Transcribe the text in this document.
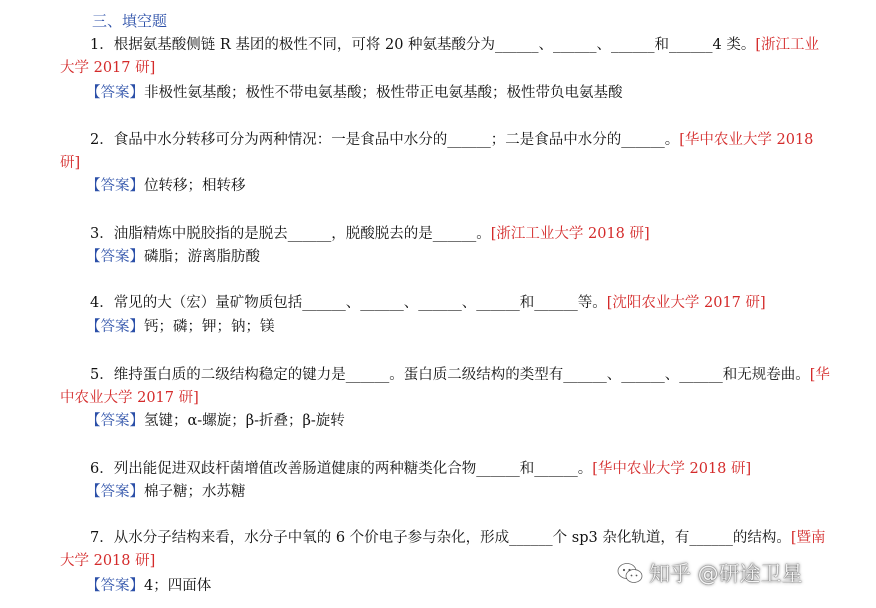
三、填空题
1．根据氨基酸侧链 R 基团的极性不同，可将 20 种氨基酸分为______、______、______和______4 类。[浙江工业大学 2017 研]
【答案】非极性氨基酸；极性不带电氨基酸；极性带正电氨基酸；极性带负电氨基酸
2．食品中水分转移可分为两种情况：一是食品中水分的______；二是食品中水分的______。[华中农业大学 2018 研]
【答案】位转移；相转移
3．油脂精炼中脱胶指的是脱去______，脱酸脱去的是______。[浙江工业大学 2018 研]
【答案】磷脂；游离脂肪酸
4．常见的大（宏）量矿物质包括______、______、______、______和______等。[沈阳农业大学 2017 研]
【答案】钙；磷；钾；钠；镁
5．维持蛋白质的二级结构稳定的键力是______。蛋白质二级结构的类型有______、______、______和无规卷曲。[华中农业大学 2017 研]
【答案】氢键；α-螺旋；β-折叠；β-旋转
6．列出能促进双歧杆菌增值改善肠道健康的两种糖类化合物______和______。[华中农业大学 2018 研]
【答案】棉子糖；水苏糖
7．从水分子结构来看，水分子中氧的 6 个价电子参与杂化，形成______个 sp3 杂化轨道，有______的结构。[暨南大学 2018 研]
【答案】4；四面体	知乎 @研途卫星
